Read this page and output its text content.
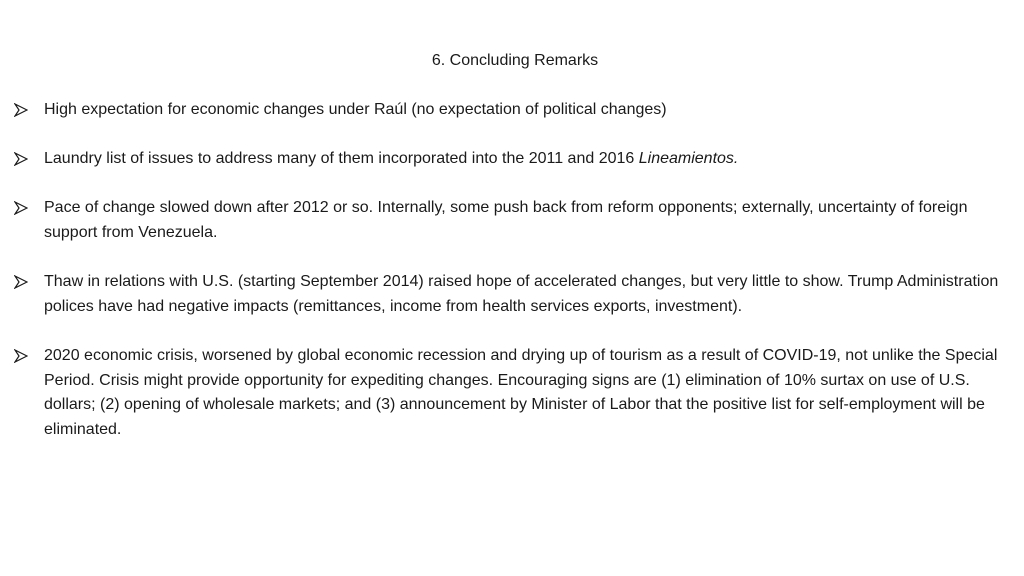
6. Concluding Remarks
High expectation for economic changes under Raúl (no expectation of political changes)
Laundry list of issues to address many of them incorporated into the 2011 and 2016 Lineamientos.
Pace of change slowed down after 2012 or so. Internally, some push back from reform opponents; externally, uncertainty of foreign support from Venezuela.
Thaw in relations with U.S. (starting September 2014) raised hope of accelerated changes, but very little to show. Trump Administration polices have had negative impacts (remittances, income from health services exports, investment).
2020 economic crisis, worsened by global economic recession and drying up of tourism as a result of COVID-19, not unlike the Special Period. Crisis might provide opportunity for expediting changes. Encouraging signs are (1) elimination of 10% surtax on use of U.S. dollars; (2) opening of wholesale markets; and (3) announcement by Minister of Labor that the positive list for self-employment will be eliminated.
